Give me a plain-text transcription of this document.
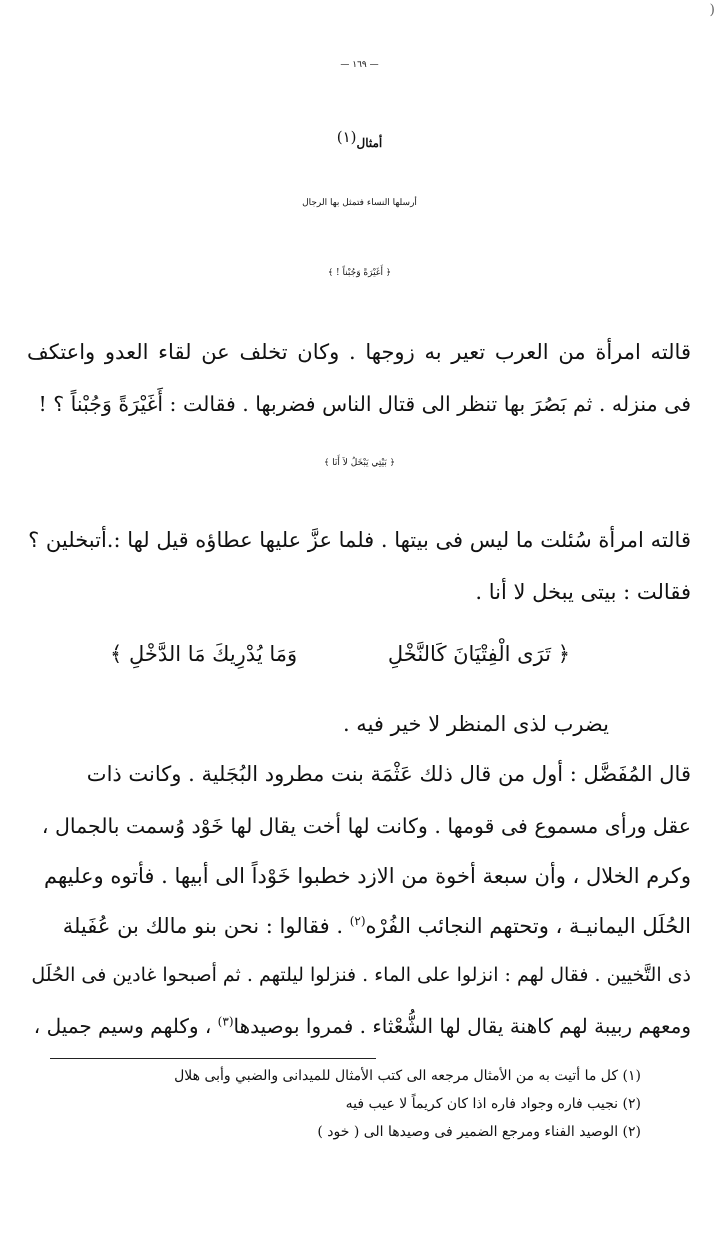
(
— ١٦٩ —
أمثال$^{(١)}$
أرسلها النساء فتمثل بها الرجال
﴿ أَغَيْرَةً وَجُبْناً ! ﴾
قالته امرأة من العرب تعير به زوجها . وكان تخلف عن لقاء العدو واعتكف
فى منزله . ثم بَصُرَ بها تنظر الى قتال الناس فضربها . فقالت : أَغَيْرَةً وَجُبْناً ؟ !
﴿ بَيْتِي يَبْخَلُ لاَ أَنَا ﴾
قالته امرأة سُئلت ما ليس فى بيتها . فلما عزَّ عليها عطاؤه قيل لها :.أتبخلين ؟
فقالت : بيتى يبخل لا أنا .
﴿ تَرَى الْفِتْيَانَ كَالنَّخْلِ
وَمَا يُدْرِيكَ مَا الدَّخْلِ ﴾
يضرب لذى المنظر لا خير فيه .
قال المُفَضَّل : أول من قال ذلك عَثْمَة بنت مطرود البُجَلية . وكانت ذات
عقل ورأى مسموع فى قومها . وكانت لها أخت يقال لها خَوْد وُسمت بالجمال ،
وكرم الخلال ، وأن سبعة أخوة من الازد خطبوا خَوْداً الى أبيها . فأتوه وعليهم
الحُلَل اليمانيـة ، وتحتهم النجائب الفُرْه$^{(٢)}$ . فقالوا : نحن بنو مالك بن عُفَيلة
ذى التَّخيين . فقال لهم : انزلوا على الماء . فنزلوا ليلتهم . ثم أصبحوا غادين فى الحُلَل
ومعهم ربيبة لهم كاهنة يقال لها الشُّعْثاء . فمروا بوصيدها$^{(٣)}$ ، وكلهم وسيم جميل ،
(١) كل ما أتيت به من الأمثال مرجعه الى كتب الأمثال للميدانى والضبي وأبى هلال
(٢) نجيب فاره وجواد فاره اذا كان كريماً لا عيب فيه
(٢) الوصيد الفناء ومرجع الضمير فى وصيدها الى ( خود )
